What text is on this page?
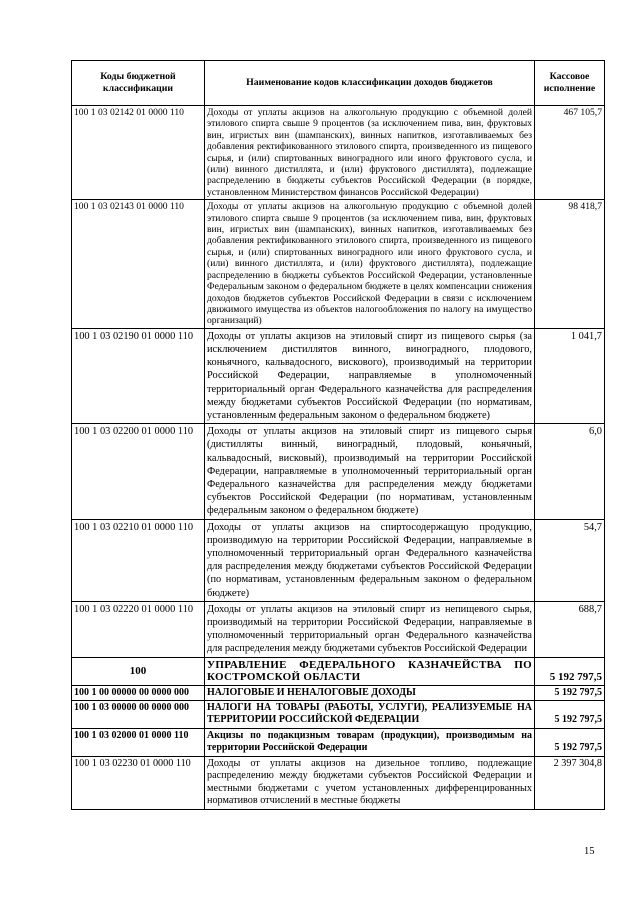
Коды бюджетной классификации	Наименование кодов классификации доходов бюджетов	Кассовое исполнение
100 1 03 02142 01 0000 110	Доходы от уплаты акцизов на алкогольную продукцию с объемной долей этилового спирта свыше 9 процентов (за исключением пива, вин, фруктовых вин, игристых вин (шампанских), винных напитков, изготавливаемых без добавления ректификованного этилового спирта, произведенного из пищевого сырья, и (или) спиртованных виноградного или иного фруктового сусла, и (или) винного дистиллята, и (или) фруктового дистиллята), подлежащие распределению в бюджеты субъектов Российской Федерации (в порядке, установленном Министерством финансов Российской Федерации)	467 105,7
100 1 03 02143 01 0000 110	Доходы от уплаты акцизов на алкогольную продукцию с объемной долей этилового спирта свыше 9 процентов (за исключением пива, вин, фруктовых вин, игристых вин (шампанских), винных напитков, изготавливаемых без добавления ректификованного этилового спирта, произведенного из пищевого сырья, и (или) спиртованных виноградного или иного фруктового сусла, и (или) винного дистиллята, и (или) фруктового дистиллята), подлежащие распределению в бюджеты субъектов Российской Федерации, установленные Федеральным законом о федеральном бюджете в целях компенсации снижения доходов бюджетов субъектов Российской Федерации в связи с исключением движимого имущества из объектов налогообложения по налогу на имущество организаций)	98 418,7
100 1 03 02190 01 0000 110	Доходы от уплаты акцизов на этиловый спирт из пищевого сырья (за исключением дистиллятов винного, виноградного, плодового, коньячного, кальвадосного, вискового), производимый на территории Российской Федерации, направляемые в уполномоченный территориальный орган Федерального казначейства для распределения между бюджетами субъектов Российской Федерации (по нормативам, установленным федеральным законом о федеральном бюджете)	1 041,7
100 1 03 02200 01 0000 110	Доходы от уплаты акцизов на этиловый спирт из пищевого сырья (дистилляты винный, виноградный, плодовый, коньячный, кальвадосный, висковый), производимый на территории Российской Федерации, направляемые в уполномоченный территориальный орган Федерального казначейства для распределения между бюджетами субъектов Российской Федерации (по нормативам, установленным федеральным законом о федеральном бюджете)	6,0
100 1 03 02210 01 0000 110	Доходы от уплаты акцизов на спиртосодержащую продукцию, производимую на территории Российской Федерации, направляемые в уполномоченный территориальный орган Федерального казначейства для распределения между бюджетами субъектов Российской Федерации (по нормативам, установленным федеральным законом о федеральном бюджете)	54,7
100 1 03 02220 01 0000 110	Доходы от уплаты акцизов на этиловый спирт из непищевого сырья, производимый на территории Российской Федерации, направляемые в уполномоченный территориальный орган Федерального казначейства для распределения между бюджетами субъектов Российской Федерации	688,7
100	УПРАВЛЕНИЕ ФЕДЕРАЛЬНОГО КАЗНАЧЕЙСТВА ПО КОСТРОМСКОЙ ОБЛАСТИ	5 192 797,5
100 1 00 00000 00 0000 000	НАЛОГОВЫЕ И НЕНАЛОГОВЫЕ ДОХОДЫ	5 192 797,5
100 1 03 00000 00 0000 000	НАЛОГИ НА ТОВАРЫ (РАБОТЫ, УСЛУГИ), РЕАЛИЗУЕМЫЕ НА ТЕРРИТОРИИ РОССИЙСКОЙ ФЕДЕРАЦИИ	5 192 797,5
100 1 03 02000 01 0000 110	Акцизы по подакцизным товарам (продукции), производимым на территории Российской Федерации	5 192 797,5
100 1 03 02230 01 0000 110	Доходы от уплаты акцизов на дизельное топливо, подлежащие распределению между бюджетами субъектов Российской Федерации и местными бюджетами с учетом установленных дифференцированных нормативов отчислений в местные бюджеты	2 397 304,8
15
